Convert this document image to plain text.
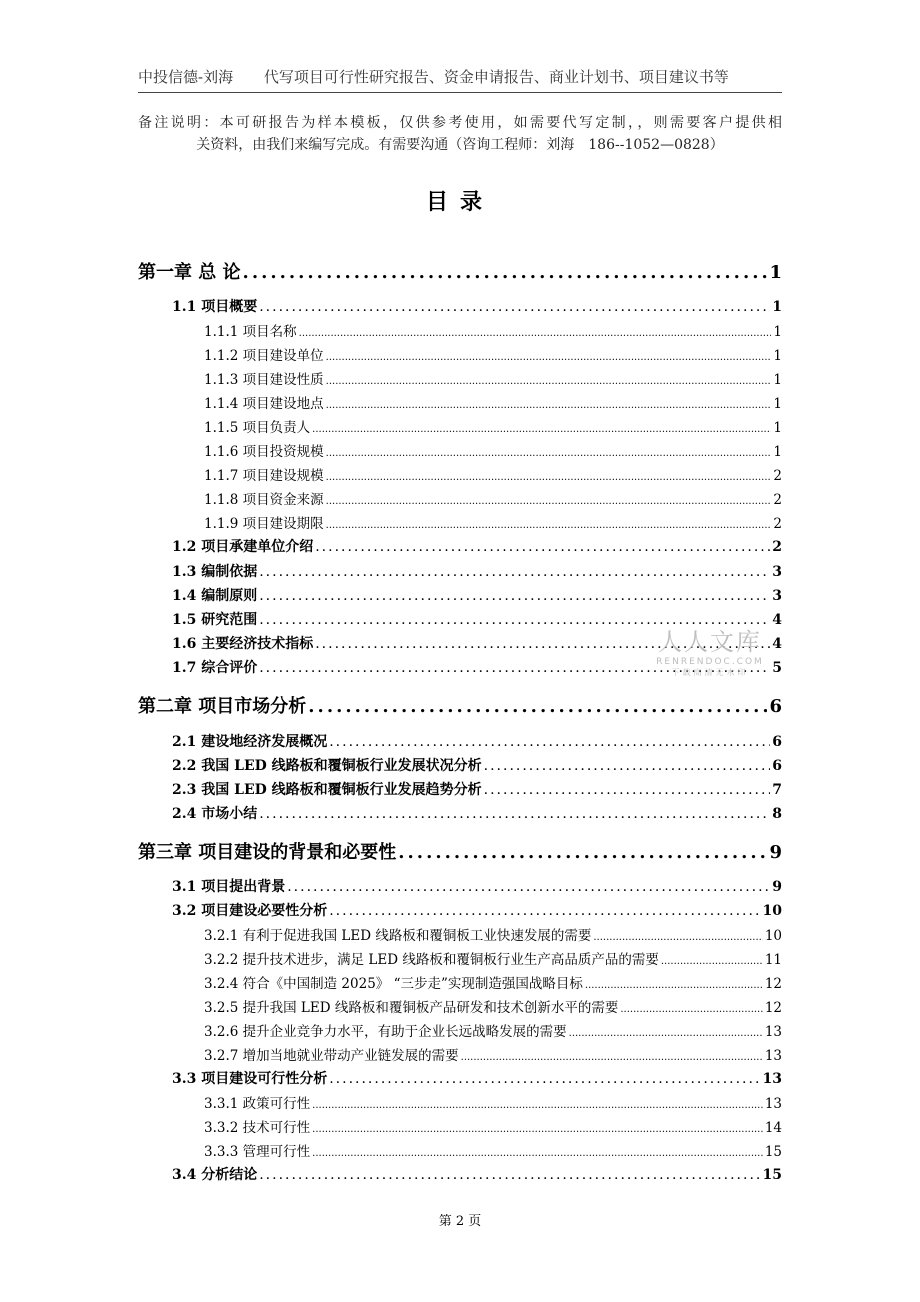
中投信德-刘海 代写项目可行性研究报告、资金申请报告、商业计划书、项目建议书等
备注说明：本可研报告为样本模板，仅供参考使用，如需要代写定制，，则需要客户提供相
关资料，由我们来编写完成。有需要沟通（咨询工程师：刘海　186--1052—0828）
目录
第一章 总 论 .....	1
1.1 项目概要 .....	1
1.1.1 项目名称 .....	1
1.1.2 项目建设单位 .....	1
1.1.3 项目建设性质 .....	1
1.1.4 项目建设地点 .....	1
1.1.5 项目负责人 .....	1
1.1.6 项目投资规模 .....	1
1.1.7 项目建设规模 .....	2
1.1.8 项目资金来源 .....	2
1.1.9 项目建设期限 .....	2
1.2 项目承建单位介绍 .....	2
1.3 编制依据 .....	3
1.4 编制原则 .....	3
1.5 研究范围 .....	4
1.6 主要经济技术指标 .....	4
1.7 综合评价 .....	5
第二章 项目市场分析 .....	6
2.1 建设地经济发展概况 .....	6
2.2 我国 LED 线路板和覆铜板行业发展状况分析 .....	6
2.3 我国 LED 线路板和覆铜板行业发展趋势分析 .....	7
2.4 市场小结 .....	8
第三章 项目建设的背景和必要性 .....	9
3.1 项目提出背景 .....	9
3.2 项目建设必要性分析 .....	10
3.2.1 有利于促进我国 LED 线路板和覆铜板工业快速发展的需要 .....	10
3.2.2 提升技术进步，满足 LED 线路板和覆铜板行业生产高品质产品的需要 .....	11
3.2.4 符合《中国制造 2025》 “三步走”实现制造强国战略目标 .....	12
3.2.5 提升我国 LED 线路板和覆铜板产品研发和技术创新水平的需要 .....	12
3.2.6 提升企业竞争力水平，有助于企业长远战略发展的需要 .....	13
3.2.7 增加当地就业带动产业链发展的需要 .....	13
3.3 项目建设可行性分析 .....	13
3.3.1 政策可行性 .....	13
3.3.2 技术可行性 .....	14
3.3.3 管理可行性 .....	15
3.4 分析结论 .....	15
人人文库
RENRENDOC.COM
下载高清无水印
第 2 页
